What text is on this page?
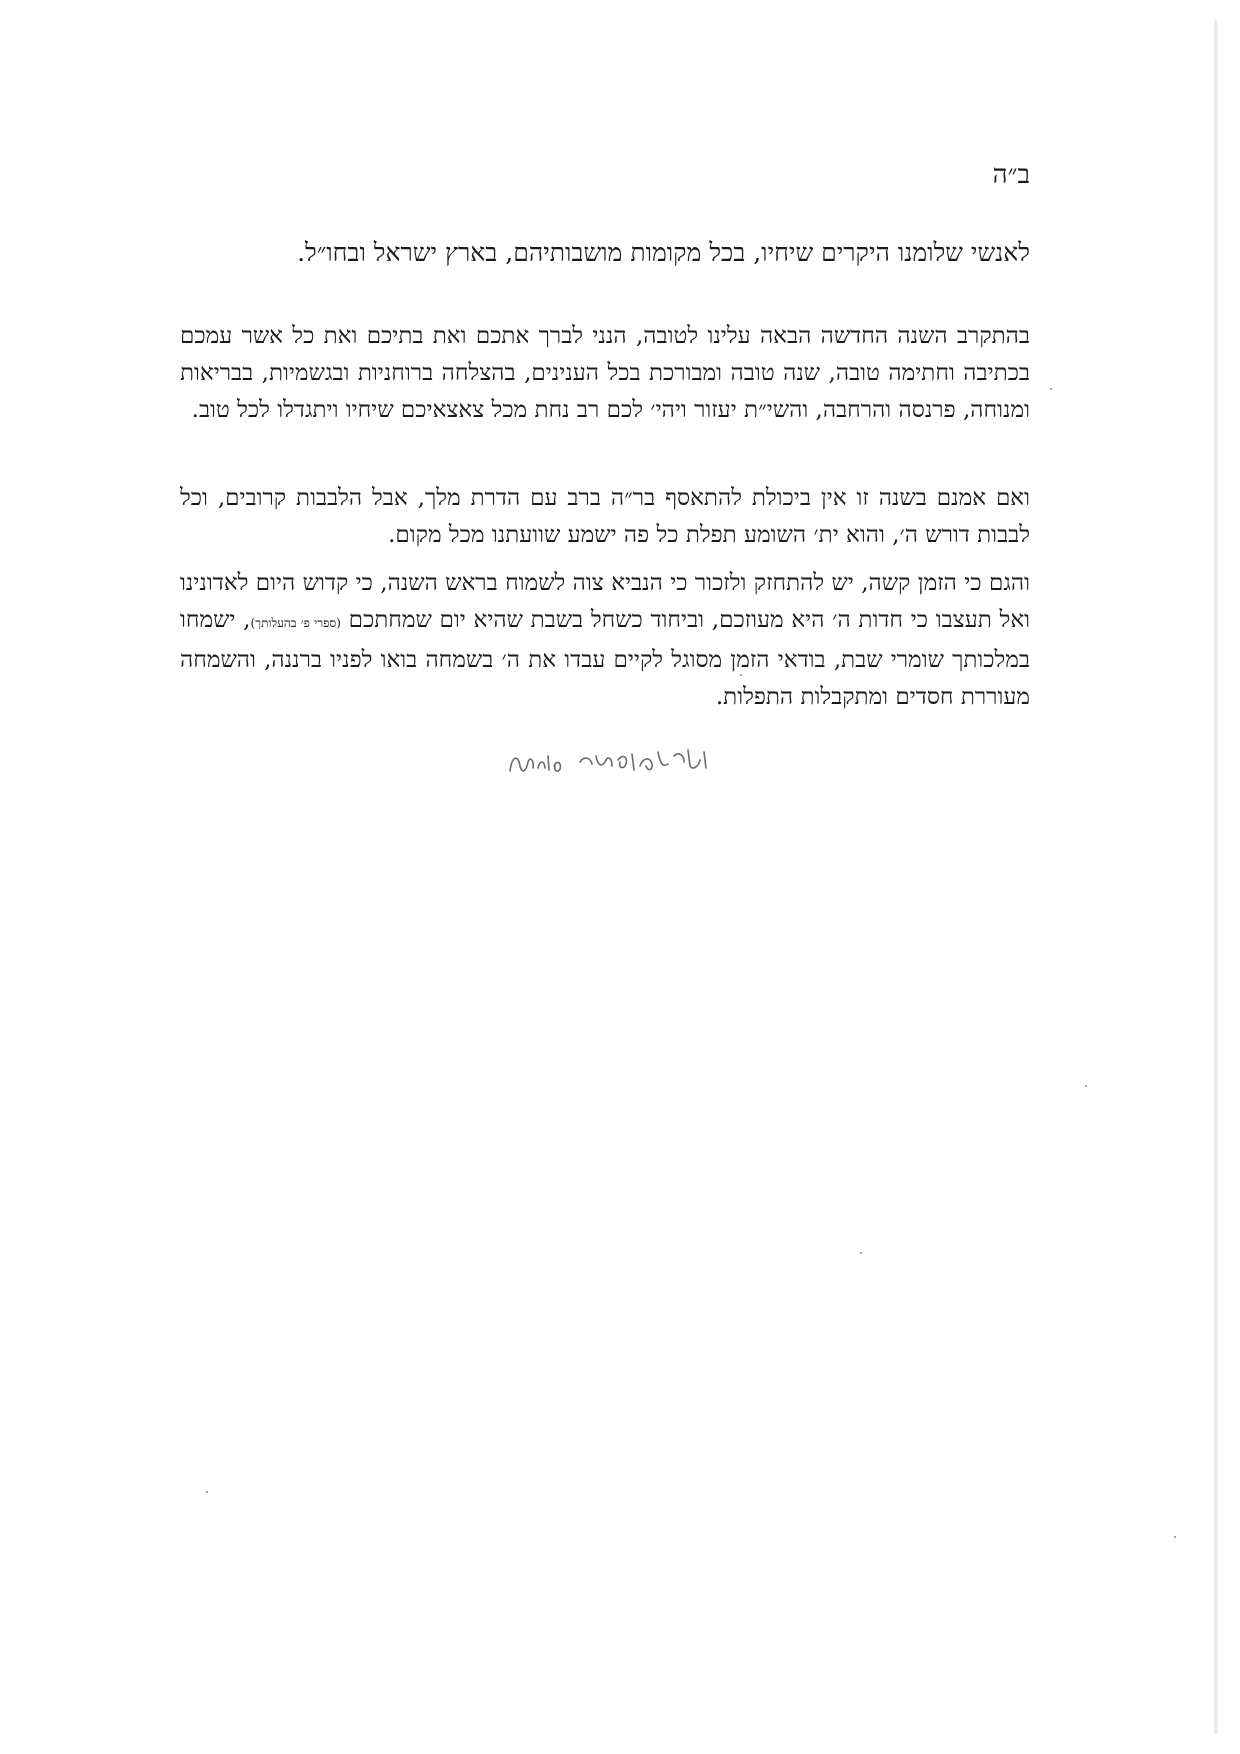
ב״ה
לאנשי שלומנו היקרים שיחיו, בכל מקומות מושבותיהם, בארץ ישראל ובחו״ל.
בהתקרב השנה החדשה הבאה עלינו לטובה, הנני לברך אתכם ואת בתיכם ואת כל אשר עמכם בכתיבה וחתימה טובה, שנה טובה ומבורכת בכל הענינים, בהצלחה ברוחניות ובגשמיות, בבריאות ומנוחה, פרנסה והרחבה, והשי״ת יעזור ויהי׳ לכם רב נחת מכל צאצאיכם שיחיו ויתגדלו לכל טוב.
ואם אמנם בשנה זו אין ביכולת להתאסף בר״ה ברב עם הדרת מלך, אבל הלבבות קרובים, וכל לבבות דורש ה׳, והוא ית׳ השומע תפלת כל פה ישמע שוועתנו מכל מקום.
והגם כי הזמן קשה, יש להתחזק ולזכור כי הנביא צוה לשמוח בראש השנה, כי קדוש היום לאדונינו ואל תעצבו כי חדות ה׳ היא מעוזכם, וביחוד כשחל בשבת שהיא יום שמחתכם (ספרי פ׳ בהעלותך), ישמחו במלכותך שומרי שבת, בודאי הזמן מסוגל לקיים עבדו את ה׳ בשמחה בואו לפניו ברננה, והשמחה מעוררת חסדים ומתקבלות התפלות.
